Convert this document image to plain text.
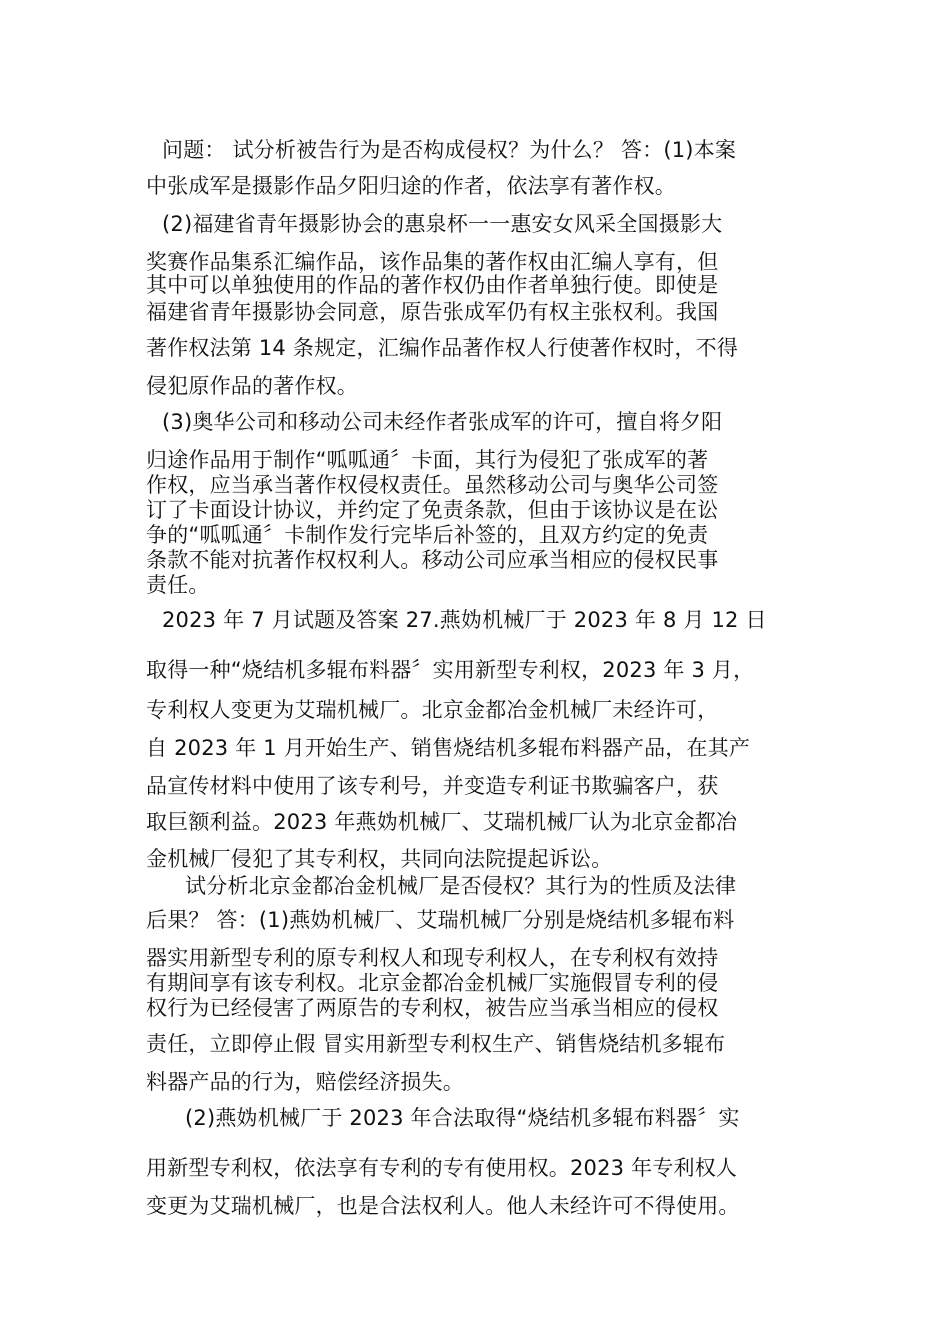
问题： 试分析被告行为是否构成侵权？为什么？ 答：(1)本案
中张成军是摄影作品夕阳归途的作者，依法享有著作权。
(2)福建省青年摄影协会的惠泉杯一一惠安女风采全国摄影大
奖赛作品集系汇编作品，该作品集的著作权由汇编人享有，但
其中可以单独使用的作品的著作权仍由作者单独行使。即使是
福建省青年摄影协会同意，原告张成军仍有权主张权利。我国
著作权法第 14 条规定，汇编作品著作权人行使著作权时，不得
侵犯原作品的著作权。
(3)奥华公司和移动公司未经作者张成军的许可，擅自将夕阳
归途作品用于制作“呱呱通〞卡面，其行为侵犯了张成军的著
作权，应当承当著作权侵权责任。虽然移动公司与奥华公司签
订了卡面设计协议，并约定了免责条款，但由于该协议是在讼
争的“呱呱通〞卡制作发行完毕后补签的，且双方约定的免责
条款不能对抗著作权权利人。移动公司应承当相应的侵权民事
责任。
2023 年 7 月试题及答案 27.燕妫机械厂于 2023 年 8 月 12 日
取得一种“烧结机多辊布料器〞实用新型专利权，2023 年 3 月，
专利权人变更为艾瑞机械厂。北京金都冶金机械厂未经许可，
自 2023 年 1 月开始生产、销售烧结机多辊布料器产品，在其产
品宣传材料中使用了该专利号，并变造专利证书欺骗客户，获
取巨额利益。2023 年燕妫机械厂、艾瑞机械厂认为北京金都冶
金机械厂侵犯了其专利权，共同向法院提起诉讼。
试分析北京金都冶金机械厂是否侵权？其行为的性质及法律
后果？ 答：(1)燕妫机械厂、艾瑞机械厂分别是烧结机多辊布料
器实用新型专利的原专利权人和现专利权人，在专利权有效持
有期间享有该专利权。北京金都冶金机械厂实施假冒专利的侵
权行为已经侵害了两原告的专利权，被告应当承当相应的侵权
责任，立即停止假 冒实用新型专利权生产、销售烧结机多辊布
料器产品的行为，赔偿经济损失。
(2)燕妫机械厂于 2023 年合法取得“烧结机多辊布料器〞实
用新型专利权，依法享有专利的专有使用权。2023 年专利权人
变更为艾瑞机械厂，也是合法权利人。他人未经许可不得使用。
